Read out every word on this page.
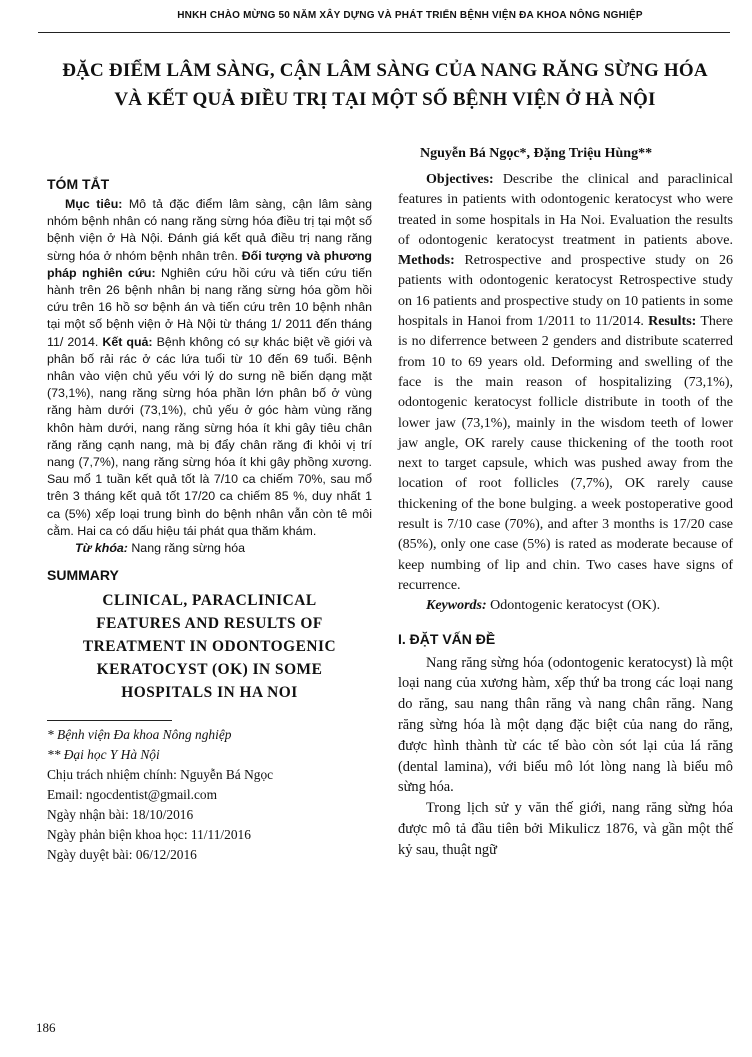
HNKH CHÀO MỪNG 50 NĂM XÂY DỰNG VÀ PHÁT TRIỂN BỆNH VIỆN ĐA KHOA NÔNG NGHIỆP
ĐẶC ĐIỂM LÂM SÀNG, CẬN LÂM SÀNG CỦA NANG RĂNG SỪNG HÓA
VÀ KẾT QUẢ ĐIỀU TRỊ TẠI MỘT SỐ BỆNH VIỆN Ở HÀ NỘI
Nguyễn Bá Ngọc*, Đặng Triệu Hùng**
TÓM TẮT

Mục tiêu: Mô tả đặc điểm lâm sàng, cận lâm sàng nhóm bệnh nhân có nang răng sừng hóa điều trị tại một số bệnh viện ở Hà Nội. Đánh giá kết quả điều trị nang răng sừng hóa ở nhóm bệnh nhân trên. Đối tượng và phương pháp nghiên cứu: Nghiên cứu hồi cứu và tiến cứu tiến hành trên 26 bệnh nhân bị nang răng sừng hóa gồm hồi cứu trên 16 hồ sơ bệnh án và tiến cứu trên 10 bệnh nhân tại một số bệnh viện ở Hà Nội từ tháng 1/ 2011 đến tháng 11/ 2014. Kết quả: Bệnh không có sự khác biệt về giới và phân bố rải rác ở các lứa tuổi từ 10 đến 69 tuổi. Bệnh nhân vào viện chủ yếu với lý do sưng nề biến dạng mặt (73,1%), nang răng sừng hóa phần lớn phân bố ở vùng răng hàm dưới (73,1%), chủ yếu ở góc hàm vùng răng khôn hàm dưới, nang răng sừng hóa ít khi gây tiêu chân răng răng cạnh nang, mà bị đẩy chân răng đi khỏi vị trí nang (7,7%), nang răng sừng hóa ít khi gây phồng xương. Sau mổ 1 tuần kết quả tốt là 7/10 ca chiếm 70%, sau mổ trên 3 tháng kết quả tốt 17/20 ca chiếm 85 %, duy nhất 1 ca (5%) xếp loại trung bình do bệnh nhân vẫn còn tê môi cằm. Hai ca có dấu hiệu tái phát qua thăm khám.

Từ khóa: Nang răng sừng hóa

SUMMARY

CLINICAL, PARACLINICAL

FEATURES AND RESULTS OF

TREATMENT IN ODONTOGENIC

KERATOCYST (OK) IN SOME

HOSPITALS IN HA NOI

* Bệnh viện Đa khoa Nông nghiệp

** Đại học Y Hà Nội

Chịu trách nhiệm chính: Nguyễn Bá Ngọc

Email: ngocdentist@gmail.com

Ngày nhận bài: 18/10/2016

Ngày phản biện khoa học: 11/11/2016

Ngày duyệt bài: 06/12/2016

Objectives: Describe the clinical and paraclinical features in patients with odontogenic keratocyst who were treated in some hospitals in Ha Noi. Evaluation the results of odontogenic keratocyst treatment in patients above. Methods: Retrospective and prospective study on 26 patients with odontogenic keratocyst Retrospective study on 16 patients and prospective study on 10 patients in some hospitals in Hanoi from 1/2011 to 11/2014. Results: There is no diferrence between 2 genders and distribute scaterred from 10 to 69 years old. Deforming and swelling of the face is the main reason of hospitalizing (73,1%), odontogenic keratocyst follicle distribute in tooth of the lower jaw (73,1%), mainly in the wisdom teeth of lower jaw angle, OK rarely cause thickening of the tooth root next to target capsule, which was pushed away from the location of root follicles (7,7%), OK rarely cause thickening of the bone bulging. a week postoperative good result is 7/10 case (70%), and after 3 months is 17/20 case (85%), only one case (5%) is rated as moderate because of keep numbing of lip and chin. Two cases have signs of recurrence.

Keywords: Odontogenic keratocyst (OK).

I. ĐẶT VẤN ĐỀ

Nang răng sừng hóa (odontogenic keratocyst) là một loại nang của xương hàm, xếp thứ ba trong các loại nang do răng, sau nang thân răng và nang chân răng. Nang răng sừng hóa là một dạng đặc biệt của nang do răng, được hình thành từ các tế bào còn sót lại của lá răng (dental lamina), với biểu mô lót lòng nang là biểu mô sừng hóa.

Trong lịch sử y văn thế giới, nang răng sừng hóa được mô tả đầu tiên bởi Mikulicz 1876, và gần một thế kỷ sau, thuật ngữ

186
